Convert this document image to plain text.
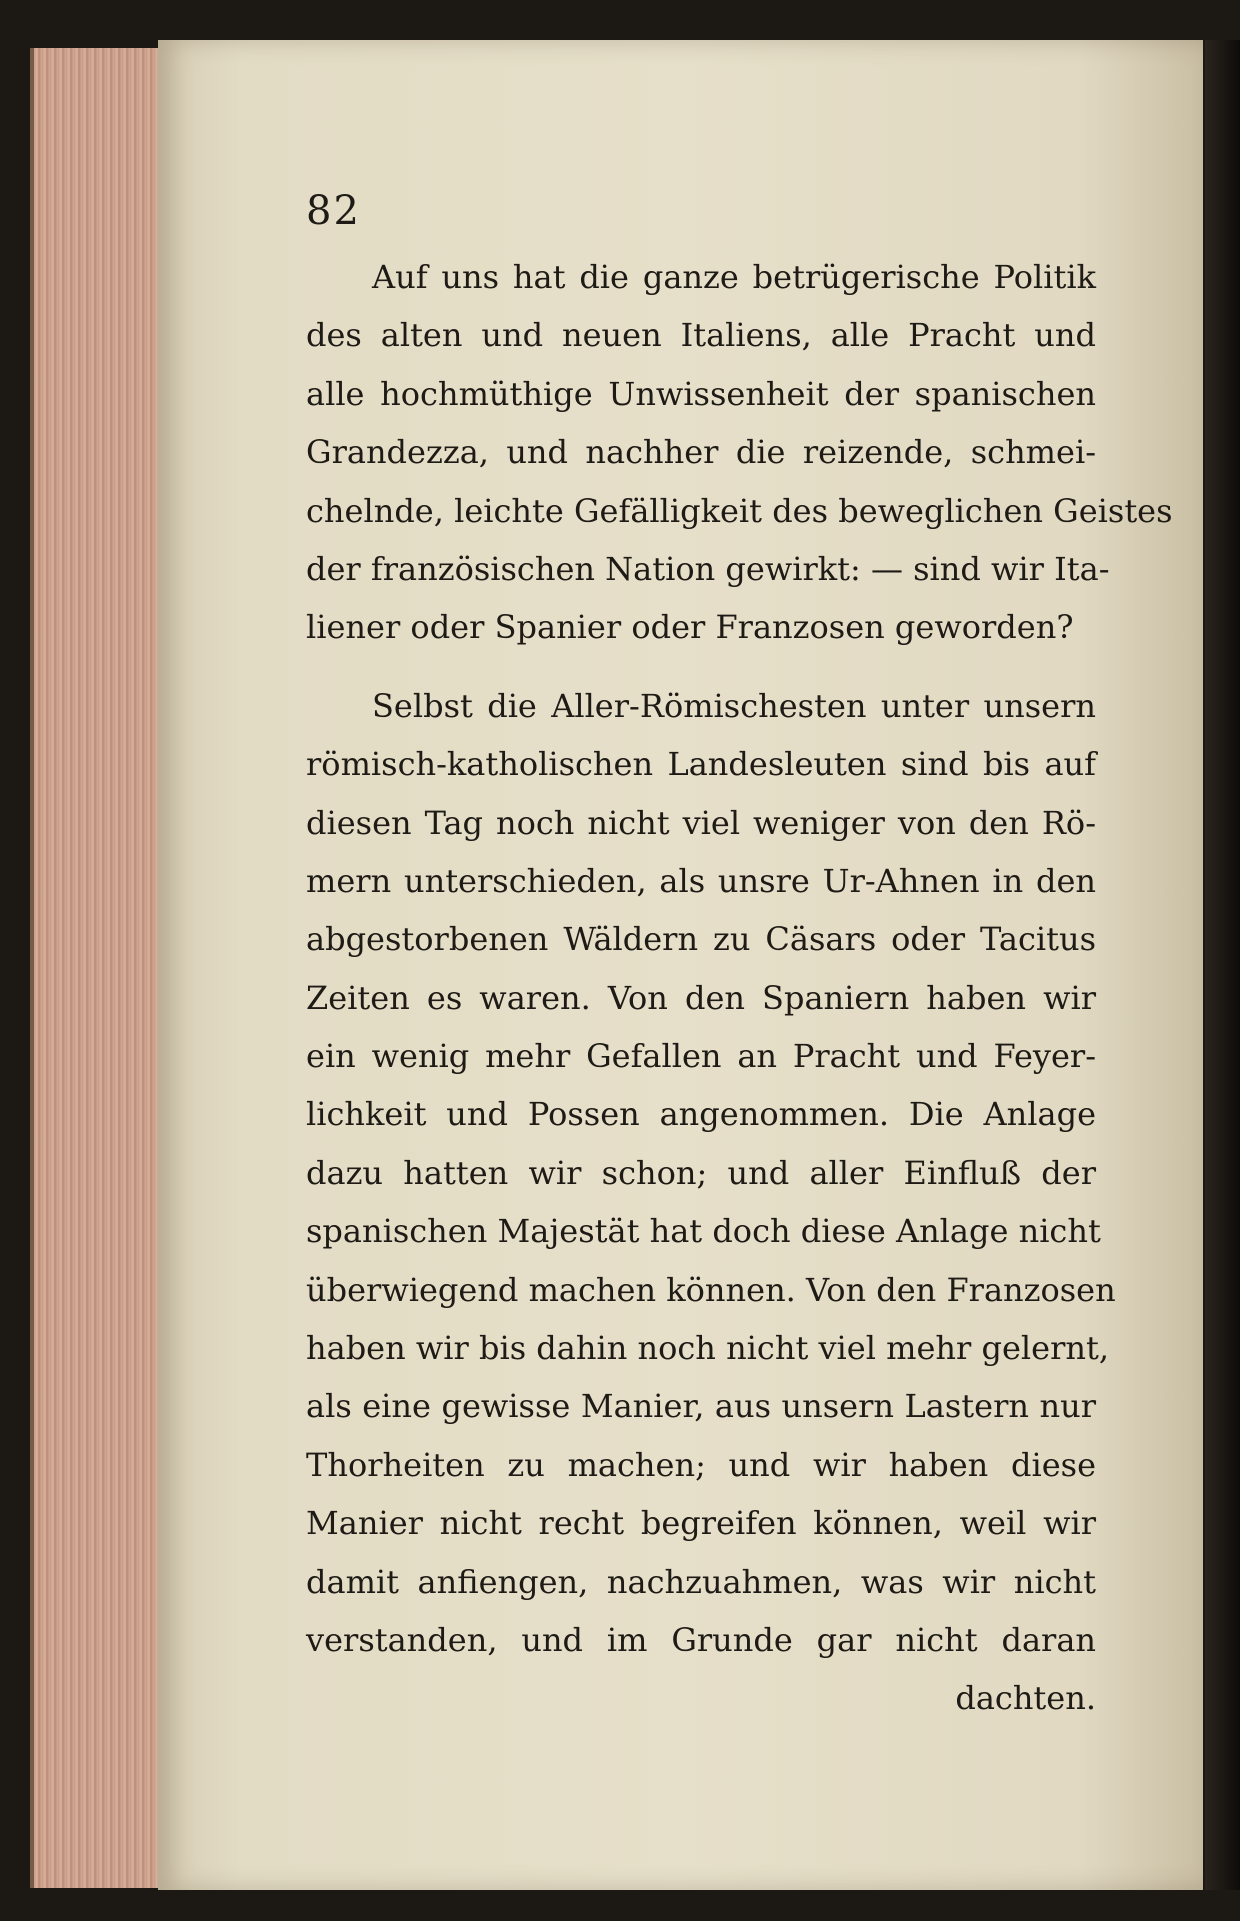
82
Auf uns hat die ganze betrügerische Politik
des alten und neuen Italiens, alle Pracht und
alle hochmüthige Unwissenheit der spanischen
Grandezza, und nachher die reizende, schmei-
chelnde, leichte Gefälligkeit des beweglichen Geistes
der französischen Nation gewirkt: — sind wir Ita-
liener oder Spanier oder Franzosen geworden?
Selbst die Aller-Römischesten unter unsern
römisch-katholischen Landesleuten sind bis auf
diesen Tag noch nicht viel weniger von den Rö-
mern unterschieden, als unsre Ur-Ahnen in den
abgestorbenen Wäldern zu Cäsars oder Tacitus
Zeiten es waren. Von den Spaniern haben wir
ein wenig mehr Gefallen an Pracht und Feyer-
lichkeit und Possen angenommen. Die Anlage
dazu hatten wir schon; und aller Einfluß der
spanischen Majestät hat doch diese Anlage nicht
überwiegend machen können. Von den Franzosen
haben wir bis dahin noch nicht viel mehr gelernt,
als eine gewisse Manier, aus unsern Lastern nur
Thorheiten zu machen; und wir haben diese
Manier nicht recht begreifen können, weil wir
damit anfiengen, nachzuahmen, was wir nicht
verstanden, und im Grunde gar nicht daran
dachten.
